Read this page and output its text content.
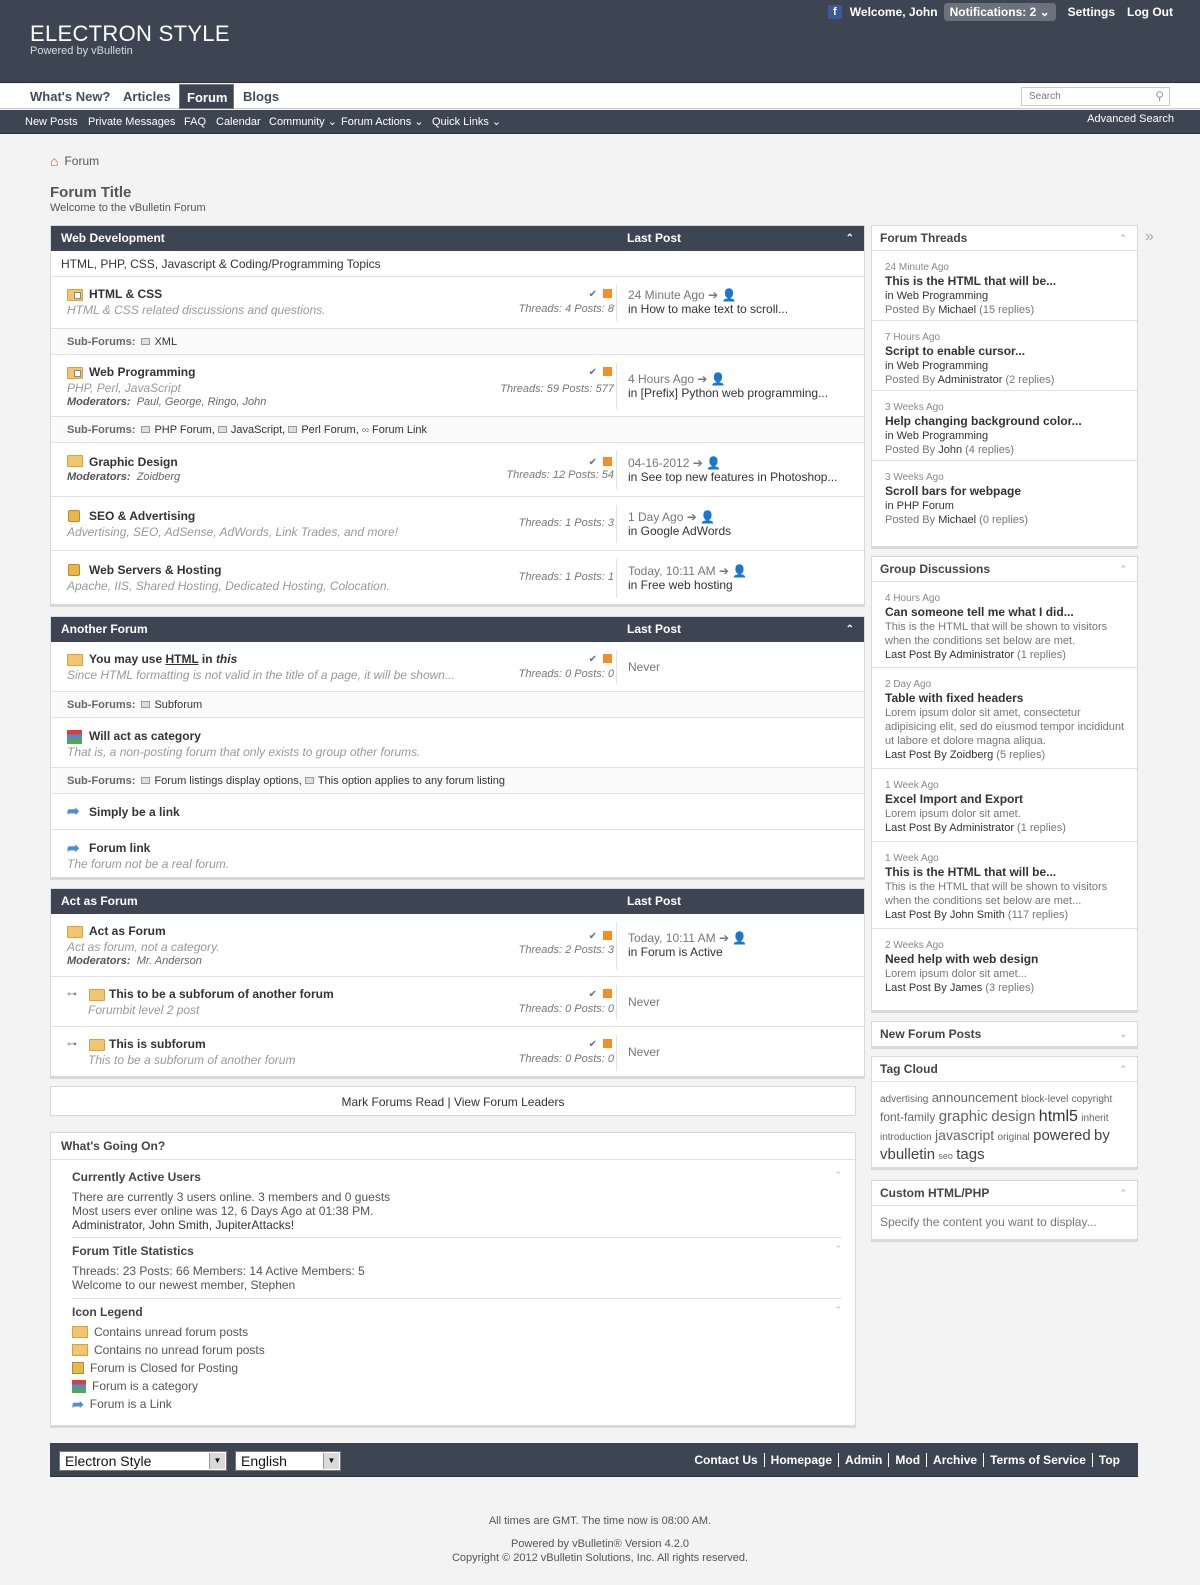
ELECTRON STYLE
Powered by vBulletin
f	Welcome, John	Notifications: 2 ⌄	Settings Log Out
What's New? Articles	Forum	Blogs	Search	⚲
New Posts Private Messages FAQ Calendar Community ⌄ Forum Actions ⌄ Quick Links ⌄	Advanced Search
⌂ Forum
Forum Title
Welcome to the vBulletin Forum
Web Development	Last Post	⌃
HTML, PHP, CSS, Javascript & Coding/Programming Topics
HTML & CSS
HTML & CSS related discussions and questions.
✔
Threads: 4 Posts: 8
24 Minute Ago ➔ 👤
in How to make text to scroll...
Sub-Forums: XML
Web Programming
PHP, Perl, JavaScript
Moderators: Paul, George, Ringo, John
✔
Threads: 59 Posts: 577
4 Hours Ago ➔ 👤
in [Prefix] Python web programming...
Sub-Forums: PHP Forum, JavaScript, Perl Forum, ∞ Forum Link
Graphic Design
Moderators: Zoidberg
✔
Threads: 12 Posts: 54
04-16-2012 ➔ 👤
in See top new features in Photoshop...
SEO & Advertising
Advertising, SEO, AdSense, AdWords, Link Trades, and more!
Threads: 1 Posts: 3 1 Day Ago ➔ 👤
in Google AdWords
Web Servers & Hosting
Apache, IIS, Shared Hosting, Dedicated Hosting, Colocation.
Threads: 1 Posts: 1 Today, 10:11 AM ➔ 👤
in Free web hosting
Another Forum	Last Post	⌃
You may use HTML in this
Since HTML formatting is not valid in the title of a page, it will be shown...
✔
Threads: 0 Posts: 0 Never
Sub-Forums: Subforum
Will act as category
That is, a non-posting forum that only exists to group other forums.
Sub-Forums: Forum listings display options, This option applies to any forum listing
➦ Simply be a link
➦ Forum link
The forum not be a real forum.
Act as Forum	Last Post
Act as Forum
Act as forum, not a category.
Moderators: Mr. Anderson
✔
Threads: 2 Posts: 3
Today, 10:11 AM ➔ 👤
in Forum is Active
⊶	This to be a subforum of another forum
Forumbit level 2 post
✔
Threads: 0 Posts: 0 Never
⊶	This is subforum
This to be a subforum of another forum
✔
Threads: 0 Posts: 0 Never
Mark Forums Read | View Forum Leaders
What's Going On?
Currently Active Users	⌃
There are currently 3 users online. 3 members and 0 guests
Most users ever online was 12, 6 Days Ago at 01:38 PM.
Administrator, John Smith, JupiterAttacks!
Forum Title Statistics	⌃
Threads: 23 Posts: 66 Members: 14 Active Members: 5
Welcome to our newest member, Stephen
Icon Legend	⌃
Contains unread forum posts
Contains no unread forum posts
Forum is Closed for Posting
Forum is a category
➦ Forum is a Link
»
Forum Threads	⌃
24 Minute Ago
This is the HTML that will be...
in Web Programming
Posted By Michael (15 replies)
7 Hours Ago
Script to enable cursor...
in Web Programming
Posted By Administrator (2 replies)
3 Weeks Ago
Help changing background color...
in Web Programming
Posted By John (4 replies)
3 Weeks Ago
Scroll bars for webpage
in PHP Forum
Posted By Michael (0 replies)
Group Discussions	⌃
4 Hours Ago
Can someone tell me what I did...
This is the HTML that will be shown to visitors when the conditions set below are met.
Last Post By Administrator (1 replies)
2 Day Ago
Table with fixed headers
Lorem ipsum dolor sit amet, consectetur adipisicing elit, sed do eiusmod tempor incididunt ut labore et dolore magna aliqua.
Last Post By Zoidberg (5 replies)
1 Week Ago
Excel Import and Export
Lorem ipsum dolor sit amet.
Last Post By Administrator (1 replies)
1 Week Ago
This is the HTML that will be...
This is the HTML that will be shown to visitors when the conditions set below are met...
Last Post By John Smith (117 replies)
2 Weeks Ago
Need help with web design
Lorem ipsum dolor sit amet...
Last Post By James (3 replies)
New Forum Posts	⌄
Tag Cloud	⌃
advertising announcement block-level copyright font-family graphic design html5 inherit introduction javascript original powered by vbulletin seo tags
Custom HTML/PHP	⌃
Specify the content you want to display...
Electron Style	▼	English	▼	Contact Us	Homepage	Admin	Mod	Archive	Terms of Service	Top
All times are GMT. The time now is 08:00 AM.
Powered by vBulletin® Version 4.2.0
Copyright © 2012 vBulletin Solutions, Inc. All rights reserved.
